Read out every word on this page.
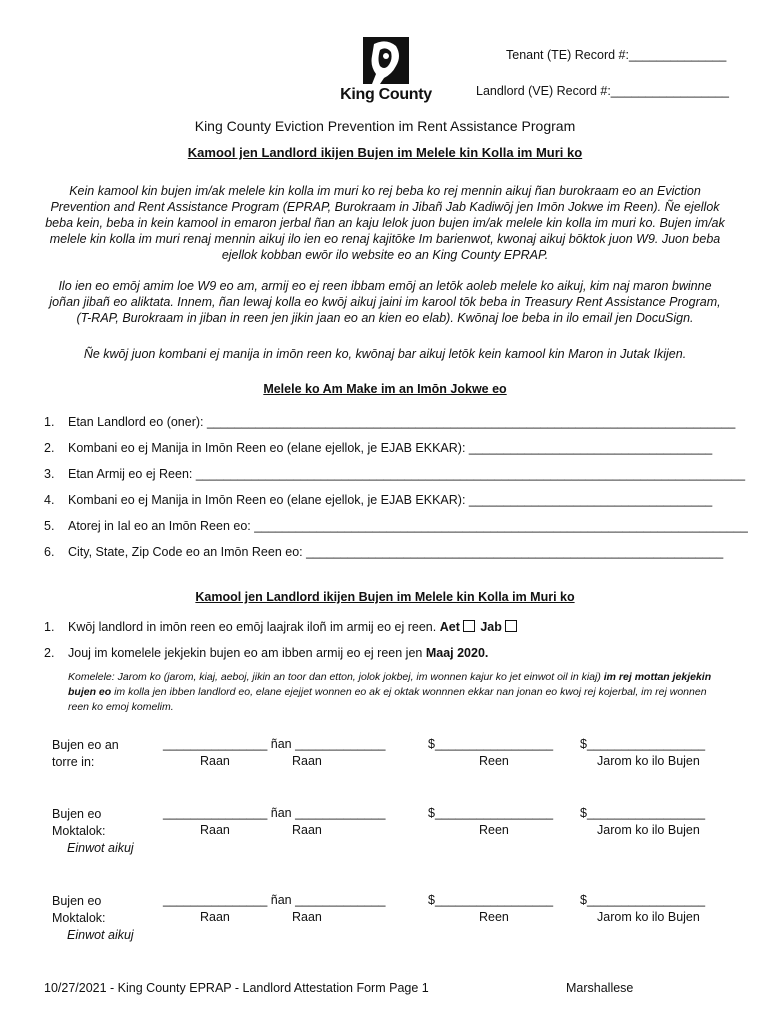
King County
Tenant (TE) Record #:______________
Landlord (VE) Record #:_________________
King County Eviction Prevention im Rent Assistance Program
Kamool jen Landlord ikijen Bujen im Melele kin Kolla im Muri ko
Kein kamool kin bujen im/ak melele kin kolla im muri ko rej beba ko rej mennin aikuj ñan burokraam eo an Eviction Prevention and Rent Assistance Program (EPRAP, Burokraam in Jibañ Jab Kadiwōj jen Imōn Jokwe im Reen). Ñe ejellok beba kein, beba in kein kamool in emaron jerbal ñan an kaju lelok juon bujen im/ak melele kin kolla im muri ko. Bujen im/ak melele kin kolla im muri renaj mennin aikuj ilo ien eo renaj kajitōke Im barienwot, kwonaj aikuj bōktok juon W9. Juon beba ejellok kobban ewōr ilo website eo an King County EPRAP.
Ilo ien eo emōj amim loe W9 eo am, armij eo ej reen ibbam emōj an letōk aoleb melele ko aikuj, kim naj maron bwinne joñan jibañ eo aliktata. Innem, ñan lewaj kolla eo kwōj aikuj jaini im karool tōk beba in Treasury Rent Assistance Program, (T-RAP, Burokraam in jiban in reen jen jikin jaan eo an kien eo elab). Kwōnaj loe beba in ilo email jen DocuSign.
Ñe kwōj juon kombani ej manija in imōn reen ko, kwōnaj bar aikuj letōk kein kamool kin Maron in Jutak Ikijen.
Melele ko Am Make im an Imōn Jokwe eo
1. Etan Landlord eo (oner): ____________________________________________________________________________
2. Kombani eo ej Manija in Imōn Reen eo (elane ejellok, je EJAB EKKAR): ___________________________________
3. Etan Armij eo ej Reen: _______________________________________________________________________________
4. Kombani eo ej Manija in Imōn Reen eo (elane ejellok, je EJAB EKKAR): ___________________________________
5. Atorej in Ial eo an Imōn Reen eo: _______________________________________________________________________
6. City, State, Zip Code eo an Imōn Reen eo: ____________________________________________________________
Kamool jen Landlord ikijen Bujen im Melele kin Kolla im Muri ko
1. Kwōj landlord in imōn reen eo emōj laajrak iloñ im armij eo ej reen. Aet Jab
2. Jouj im komelele jekjekin bujen eo am ibben armij eo ej reen jen Maaj 2020.
Komelele: Jarom ko (jarom, kiaj, aeboj, jikin an toor dan etton, jolok jokbej, im wonnen kajur ko jet einwot oil in kiaj) im rej mottan jekjekin bujen eo im kolla jen ibben landlord eo, elane ejejjet wonnen eo ak ej oktak wonnnen ekkar nan jonan eo kwoj rej kojerbal, im rej wonnen reen ko emoj komelim.
Bujen eo an
torre in:
_______________ ñan _____________	$_________________ $_________________
Raan	Raan	Reen	Jarom ko ilo Bujen
Bujen eo
Moktalok:
Einwot aikuj
_______________ ñan _____________	$_________________ $_________________
Raan	Raan	Reen	Jarom ko ilo Bujen
Bujen eo
Moktalok:
Einwot aikuj
_______________ ñan _____________	$_________________ $_________________
Raan	Raan	Reen	Jarom ko ilo Bujen
10/27/2021 - King County EPRAP - Landlord Attestation Form Page 1	Marshallese
